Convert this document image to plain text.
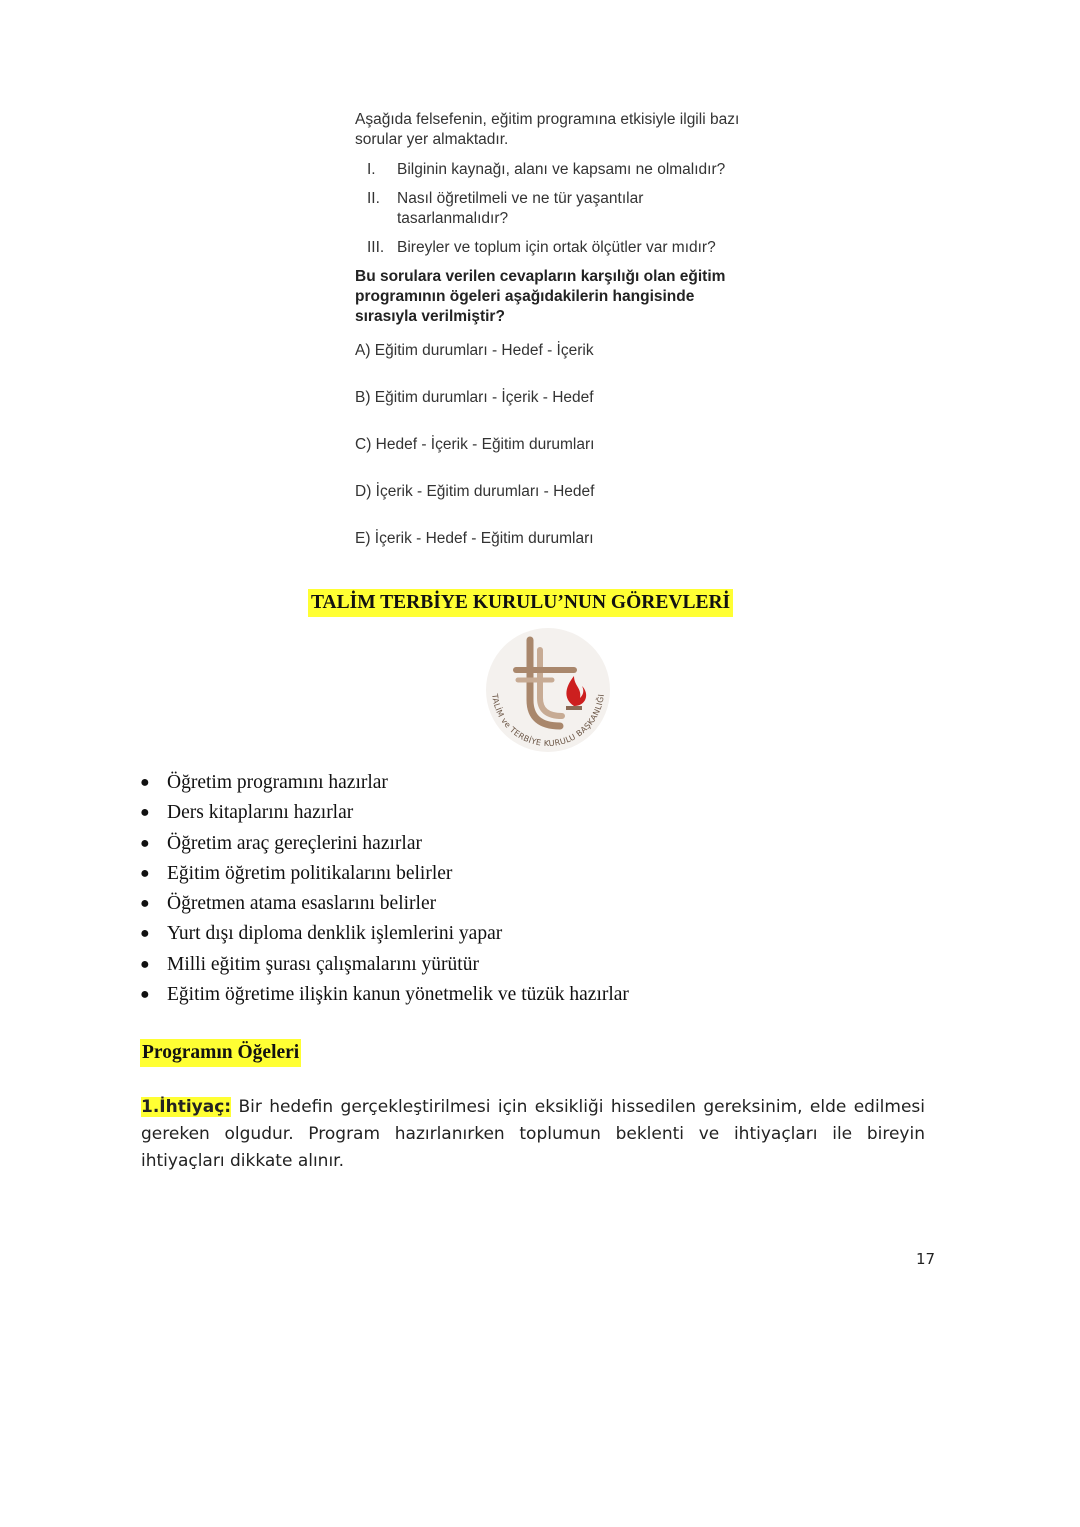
Aşağıda felsefenin, eğitim programına etkisiyle ilgili bazı sorular yer almaktadır.

I.	Bilginin kaynağı, alanı ve kapsamı ne olmalıdır?
II.	Nasıl öğretilmeli ve ne tür yaşantılar tasarlanmalıdır?
III. Bireyler ve toplum için ortak ölçütler var mıdır?
Bu sorulara verilen cevapların karşılığı olan eğitim programının ögeleri aşağıdakilerin hangisinde sırasıyla verilmiştir?
A) Eğitim durumları - Hedef - İçerik
B) Eğitim durumları - İçerik - Hedef
C) Hedef - İçerik - Eğitim durumları
D) İçerik - Eğitim durumları - Hedef
E) İçerik - Hedef - Eğitim durumları
TALİM TERBİYE KURULU’NUN GÖREVLERİ
TALİM ve TERBİYE KURULU BAŞKANLIĞI
● Öğretim programını hazırlar
● Ders kitaplarını hazırlar
● Öğretim araç gereçlerini hazırlar
● Eğitim öğretim politikalarını belirler
● Öğretmen atama esaslarını belirler
● Yurt dışı diploma denklik işlemlerini yapar
● Milli eğitim şurası çalışmalarını yürütür
● Eğitim öğretime ilişkin kanun yönetmelik ve tüzük hazırlar
Programın Öğeleri
1.İhtiyaç: Bir hedefin gerçekleştirilmesi için eksikliği hissedilen gereksinim, elde edilmesi gereken olgudur. Program hazırlanırken toplumun beklenti ve ihtiyaçları ile bireyin ihtiyaçları dikkate alınır.
17
